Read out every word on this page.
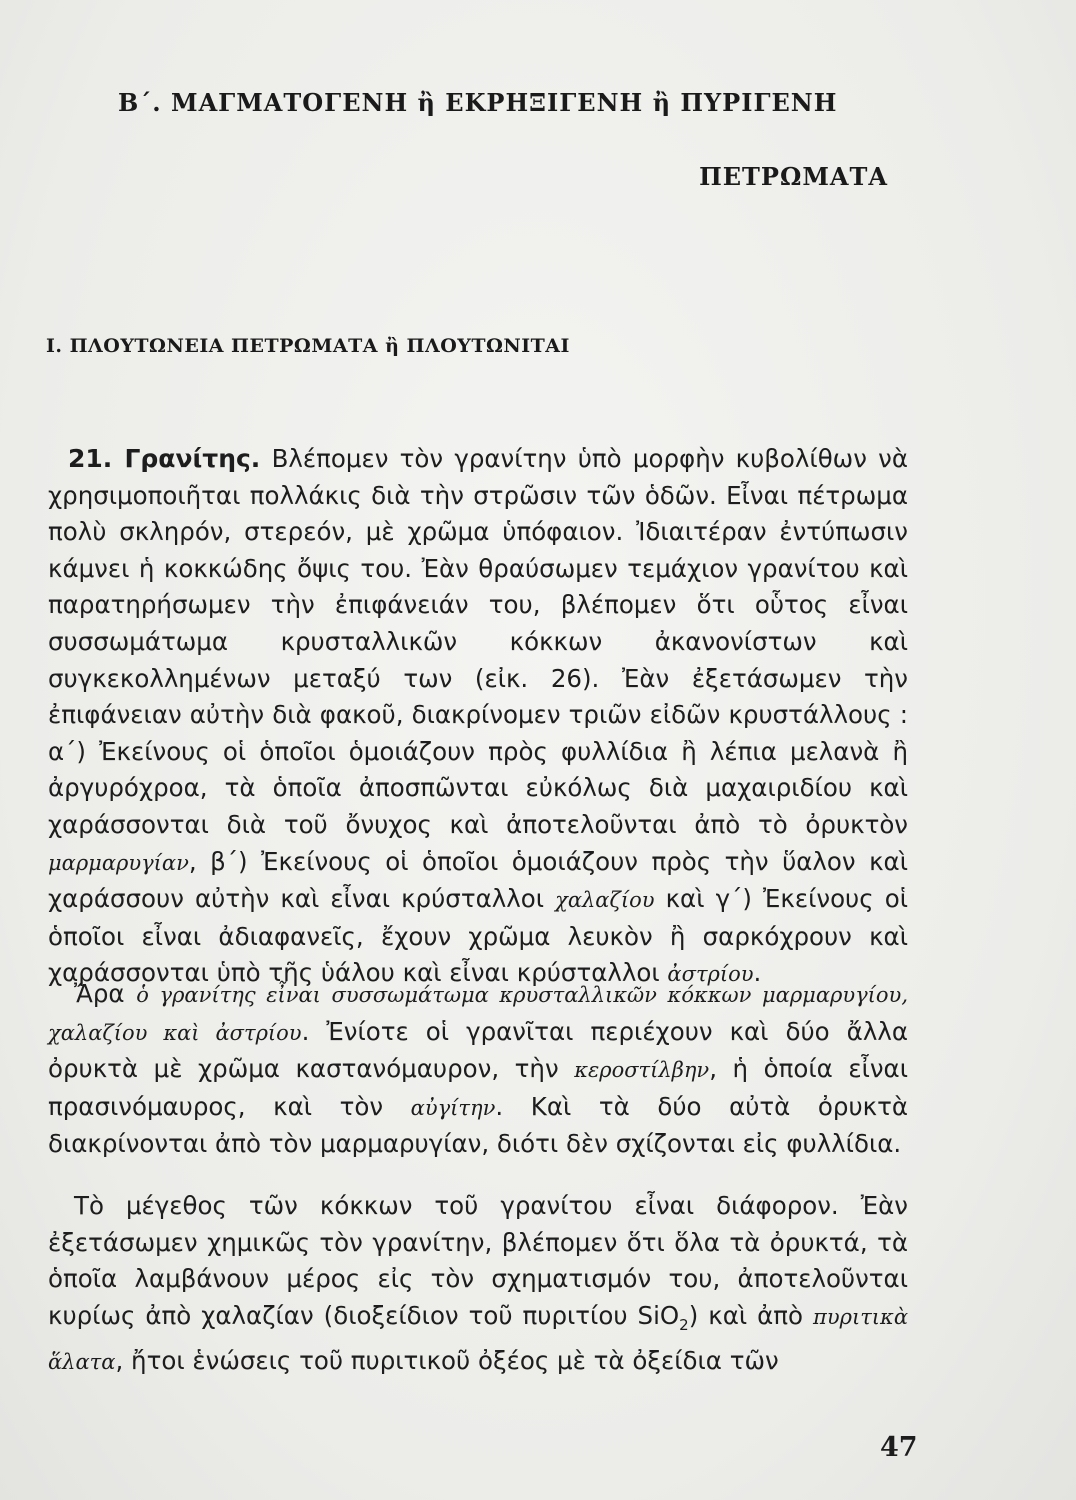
Β΄. ΜΑΓΜΑΤΟΓΕΝΗ ἢ ΕΚΡΗΞΙΓΕΝΗ ἢ ΠΥΡΙΓΕΝΗ
ΠΕΤΡΩΜΑΤΑ
Ι. ΠΛΟΥΤΩΝΕΙΑ ΠΕΤΡΩΜΑΤΑ ἢ ΠΛΟΥΤΩΝΙΤΑΙ

21. Γρανίτης. Βλέπομεν τὸν γρανίτην ὑπὸ μορφὴν κυβολίθων νὰ χρησιμοποιῆται πολλάκις διὰ τὴν στρῶσιν τῶν ὁδῶν. Εἶναι πέτρωμα πολὺ σκληρόν, στερεόν, μὲ χρῶμα ὑπόφαιον. Ἰδιαιτέραν ἐντύπωσιν κάμνει ἡ κοκκώδης ὄψις του. Ἐὰν θραύσωμεν τεμάχιον γρανίτου καὶ παρατηρήσωμεν τὴν ἐπιφάνειάν του, βλέπομεν ὅτι οὗτος εἶναι συσσωμάτωμα κρυσταλλικῶν κόκκων ἀκανονίστων καὶ συγκεκολλημένων μεταξύ των (εἰκ. 26). Ἐὰν ἐξετάσωμεν τὴν ἐπιφάνειαν αὐτὴν διὰ φακοῦ, διακρίνομεν τριῶν εἰδῶν κρυστάλλους : α΄) Ἐκείνους οἱ ὁποῖοι ὁμοιάζουν πρὸς φυλλίδια ἢ λέπια μελανὰ ἢ ἀργυρόχροα, τὰ ὁποῖα ἀποσπῶνται εὐκόλως διὰ μαχαιριδίου καὶ χαράσσονται διὰ τοῦ ὄνυχος καὶ ἀποτελοῦνται ἀπὸ τὸ ὀρυκτὸν μαρμαρυγίαν, β΄) Ἐκείνους οἱ ὁποῖοι ὁμοιάζουν πρὸς τὴν ὕαλον καὶ χαράσσουν αὐτὴν καὶ εἶναι κρύσταλλοι χαλαζίου καὶ γ΄) Ἐκείνους οἱ ὁποῖοι εἶναι ἀδιαφανεῖς, ἔχουν χρῶμα λευκὸν ἢ σαρκόχρουν καὶ χαράσσονται ὑπὸ τῆς ὑάλου καὶ εἶναι κρύσταλλοι ἀστρίου.

Ἄρα ὁ γρανίτης εἶναι συσσωμάτωμα κρυσταλλικῶν κόκκων μαρμαρυγίου, χαλαζίου καὶ ἀστρίου. Ἐνίοτε οἱ γρανῖται περιέχουν καὶ δύο ἄλλα ὀρυκτὰ μὲ χρῶμα καστανόμαυρον, τὴν κεροστίλβην, ἡ ὁποία εἶναι πρασινόμαυρος, καὶ τὸν αὐγίτην. Καὶ τὰ δύο αὐτὰ ὀρυκτὰ διακρίνονται ἀπὸ τὸν μαρμαρυγίαν, διότι δὲν σχίζονται εἰς φυλλίδια.

Τὸ μέγεθος τῶν κόκκων τοῦ γρανίτου εἶναι διάφορον. Ἐὰν ἐξετάσωμεν χημικῶς τὸν γρανίτην, βλέπομεν ὅτι ὅλα τὰ ὀρυκτά, τὰ ὁποῖα λαμβάνουν μέρος εἰς τὸν σχηματισμόν του, ἀποτελοῦνται κυρίως ἀπὸ χαλαζίαν (διοξείδιον τοῦ πυριτίου SiO$_2$) καὶ ἀπὸ πυριτικὰ ἅλατα, ἤτοι ἑνώσεις τοῦ πυριτικοῦ ὀξέος μὲ τὰ ὀξείδια τῶν

47
